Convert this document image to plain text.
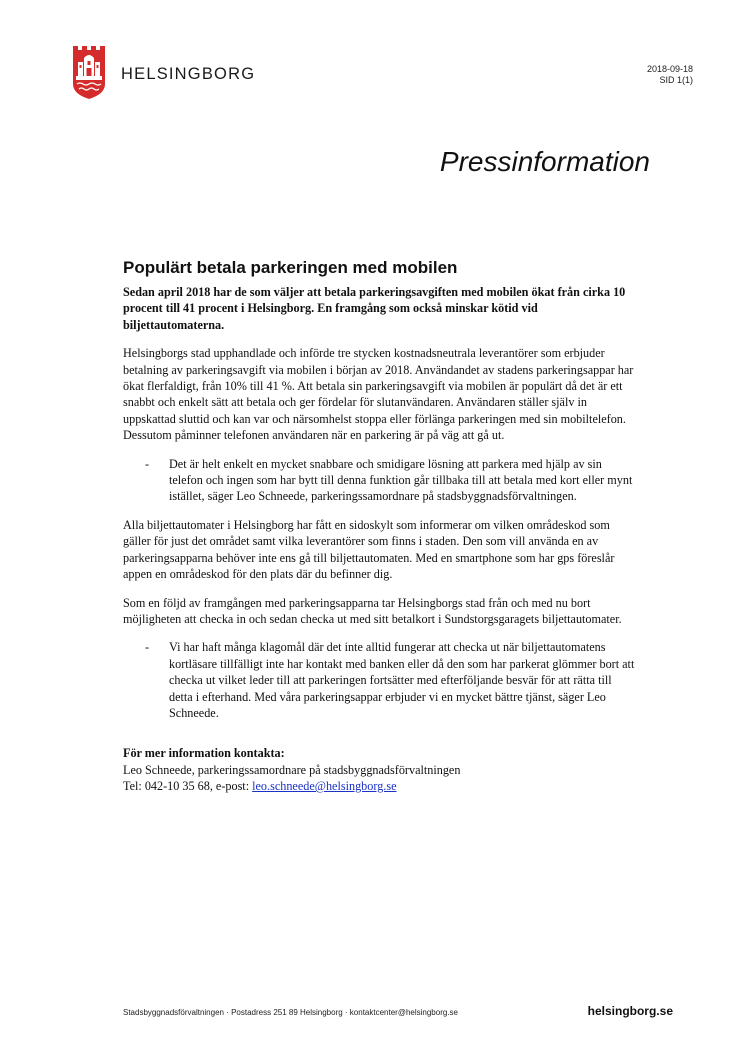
HELSINGBORG	2018-09-18
SID 1(1)
Pressinformation
Populärt betala parkeringen med mobilen
Sedan april 2018 har de som väljer att betala parkeringsavgiften med mobilen ökat från cirka 10 procent till 41 procent i Helsingborg. En framgång som också minskar kötid vid biljettautomaterna.

Helsingborgs stad upphandlade och införde tre stycken kostnadsneutrala leverantörer som erbjuder betalning av parkeringsavgift via mobilen i början av 2018. Användandet av stadens parkeringsappar har ökat flerfaldigt, från 10% till 41 %. Att betala sin parkeringsavgift via mobilen är populärt då det är ett snabbt och enkelt sätt att betala och ger fördelar för slutanvändaren. Användaren ställer själv in uppskattad sluttid och kan var och närsomhelst stoppa eller förlänga parkeringen med sin mobiltelefon. Dessutom påminner telefonen användaren när en parkering är på väg att gå ut.

-	Det är helt enkelt en mycket snabbare och smidigare lösning att parkera med hjälp av sin telefon och ingen som har bytt till denna funktion går tillbaka till att betala med kort eller mynt istället, säger Leo Schneede, parkeringssamordnare på stadsbyggnadsförvaltningen.

Alla biljettautomater i Helsingborg har fått en sidoskylt som informerar om vilken områdeskod som gäller för just det området samt vilka leverantörer som finns i staden. Den som vill använda en av parkeringsapparna behöver inte ens gå till biljettautomaten. Med en smartphone som har gps föreslår appen en områdeskod för den plats där du befinner dig.

Som en följd av framgången med parkeringsapparna tar Helsingborgs stad från och med nu bort möjligheten att checka in och sedan checka ut med sitt betalkort i Sundstorgsgaragets biljettautomater.

-	Vi har haft många klagomål där det inte alltid fungerar att checka ut när biljettautomatens kortläsare tillfälligt inte har kontakt med banken eller då den som har parkerat glömmer bort att checka ut vilket leder till att parkeringen fortsätter med efterföljande besvär för att rätta till detta i efterhand. Med våra parkeringsappar erbjuder vi en mycket bättre tjänst, säger Leo Schneede.
För mer information kontakta:
Leo Schneede, parkeringssamordnare på stadsbyggnadsförvaltningen
Tel: 042-10 35 68, e-post: leo.schneede@helsingborg.se
Stadsbyggnadsförvaltningen · Postadress 251 89 Helsingborg · kontaktcenter@helsingborg.se	helsingborg.se
